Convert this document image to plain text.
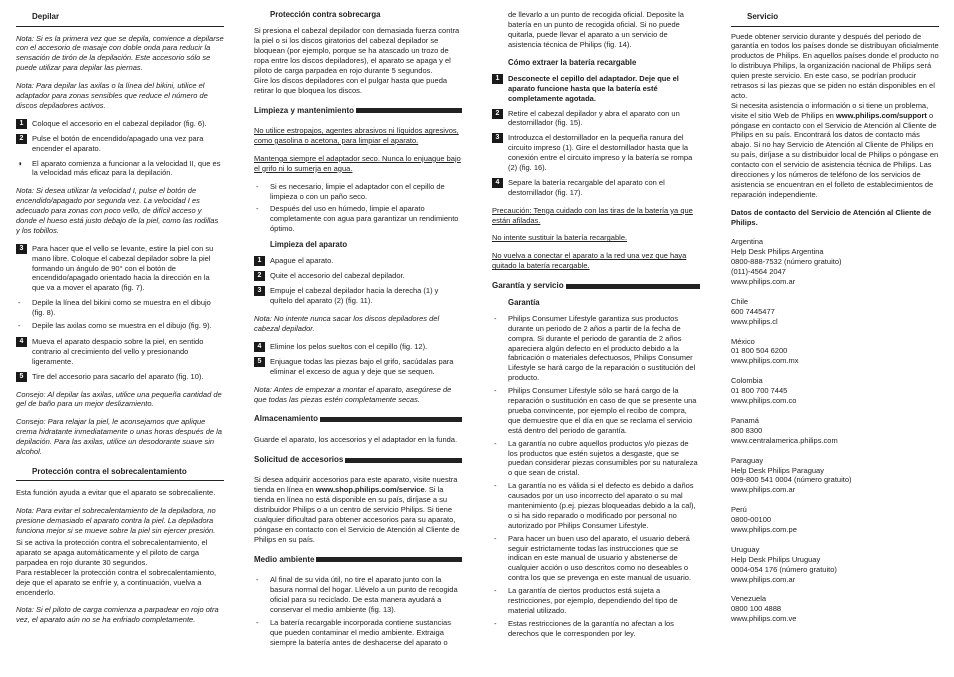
Depilar

Nota: Si es la primera vez que se depila, comience a depilarse con el accesorio de masaje con doble onda para reducir la sensación de tirón de la depilación. Este accesorio sólo se puede utilizar para depilar las piernas.

Nota: Para depilar las axilas o la línea del bikini, utilice el adaptador para zonas sensibles que reduce el número de discos depiladores activos.

1	Coloque el accesorio en el cabezal depilador (fig. 6).
2	Pulse el botón de encendido/apagado una vez para encender el aparato.
◗	El aparato comienza a funcionar a la velocidad II, que es la velocidad más eficaz para la depilación.

Nota: Si desea utilizar la velocidad I, pulse el botón de encendido/apagado por segunda vez. La velocidad I es adecuado para zonas con poco vello, de difícil acceso y donde el hueso está justo debajo de la piel, como las rodillas y los tobillos.

3	Para hacer que el vello se levante, estire la piel con su mano libre. Coloque el cabezal depilador sobre la piel formando un ángulo de 90° con el botón de encendido/apagado orientado hacia la dirección en la que va a mover el aparato (fig. 7).
-	Depile la línea del bikini como se muestra en el dibujo (fig. 8).
-	Depile las axilas como se muestra en el dibujo (fig. 9).
4	Mueva el aparato despacio sobre la piel, en sentido contrario al crecimiento del vello y presionando ligeramente.
5	Tire del accesorio para sacarlo del aparato (fig. 10).

Consejo: Al depilar las axilas, utilice una pequeña cantidad de gel de baño para un mejor deslizamiento.

Consejo: Para relajar la piel, le aconsejamos que aplique crema hidratante inmediatamente o unas horas después de la depilación. Para las axilas, utilice un desodorante suave sin alcohol.

Protección contra el sobrecalentamiento

Esta función ayuda a evitar que el aparato se sobrecaliente.

Nota: Para evitar el sobrecalentamiento de la depiladora, no presione demasiado el aparato contra la piel. La depiladora funciona mejor si se mueve sobre la piel sin ejercer presión.

Si se activa la protección contra el sobrecalentamiento, el aparato se apaga automáticamente y el piloto de carga parpadea en rojo durante 30 segundos.

Para restablecer la protección contra el sobrecalentamiento, deje que el aparato se enfríe y, a continuación, vuelva a encenderlo.

Nota: Si el piloto de carga comienza a parpadear en rojo otra vez, el aparato aún no se ha enfriado completamente.

Protección contra sobrecarga

Si presiona el cabezal depilador con demasiada fuerza contra la piel o si los discos giratorios del cabezal depilador se bloquean (por ejemplo, porque se ha atascado un trozo de ropa entre los discos depiladores), el aparato se apaga y el piloto de carga parpadea en rojo durante 5 segundos.

Gire los discos depiladores con el pulgar hasta que pueda retirar lo que bloquea los discos.

Limpieza y mantenimiento

No utilice estropajos, agentes abrasivos ni líquidos agresivos, como gasolina o acetona, para limpiar el aparato.

Mantenga siempre el adaptador seco. Nunca lo enjuague bajo el grifo ni lo sumerja en agua.

-	Si es necesario, limpie el adaptador con el cepillo de limpieza o con un paño seco.
-	Después del uso en húmedo, limpie el aparato completamente con agua para garantizar un rendimiento óptimo.
Limpieza del aparato
1	Apague el aparato.
2	Quite el accesorio del cabezal depilador.
3	Empuje el cabezal depilador hacia la derecha (1) y quítelo del aparato (2) (fig. 11).

Nota: No intente nunca sacar los discos depiladores del cabezal depilador.

4	Elimine los pelos sueltos con el cepillo (fig. 12).
5	Enjuague todas las piezas bajo el grifo, sacúdalas para eliminar el exceso de agua y deje que se sequen.

Nota: Antes de empezar a montar el aparato, asegúrese de que todas las piezas estén completamente secas.

Almacenamiento

Guarde el aparato, los accesorios y el adaptador en la funda.

Solicitud de accesorios

Si desea adquirir accesorios para este aparato, visite nuestra tienda en línea en www.shop.philips.com/service. Si la tienda en línea no está disponible en su país, diríjase a su distribuidor Philips o a un centro de servicio Philips. Si tiene cualquier dificultad para obtener accesorios para su aparato, póngase en contacto con el Servicio de Atención al Cliente de Philips en su país.

Medio ambiente
-	Al final de su vida útil, no tire el aparato junto con la basura normal del hogar. Llévelo a un punto de recogida oficial para su reciclado. De esta manera ayudará a conservar el medio ambiente (fig. 13).
-	La batería recargable incorporada contiene sustancias que pueden contaminar el medio ambiente. Extraiga siempre la batería antes de deshacerse del aparato o

de llevarlo a un punto de recogida oficial. Deposite la batería en un punto de recogida oficial. Si no puede quitarla, puede llevar el aparato a un servicio de asistencia técnica de Philips (fig. 14).

Cómo extraer la batería recargable
1	Desconecte el cepillo del adaptador. Deje que el aparato funcione hasta que la batería esté completamente agotada.
2	Retire el cabezal depilador y abra el aparato con un destornillador (fig. 15).
3	Introduzca el destornillador en la pequeña ranura del circuito impreso (1). Gire el destornillador hasta que la conexión entre el circuito impreso y la batería se rompa (2) (fig. 16).
4	Separe la batería recargable del aparato con el destornillador (fig. 17).

Precaución: Tenga cuidado con las tiras de la batería ya que están afiladas.

No intente sustituir la batería recargable.

No vuelva a conectar el aparato a la red una vez que haya quitado la batería recargable.

Garantía y servicio
Garantía
-	Philips Consumer Lifestyle garantiza sus productos durante un periodo de 2 años a partir de la fecha de compra. Si durante el periodo de garantía de 2 años apareciera algún defecto en el producto debido a la fabricación o materiales defectuosos, Philips Consumer Lifestyle se hará cargo de la reparación o sustitución del producto.
-	Philips Consumer Lifestyle sólo se hará cargo de la reparación o sustitución en caso de que se presente una prueba convincente, por ejemplo el recibo de compra, que demuestre que el día en que se reclama el servicio está dentro del periodo de garantía.
-	La garantía no cubre aquellos productos y/o piezas de los productos que estén sujetos a desgaste, que se puedan considerar piezas consumibles por su naturaleza o que sean de cristal.
-	La garantía no es válida si el defecto es debido a daños causados por un uso incorrecto del aparato o su mal mantenimiento (p.ej. piezas bloqueadas debido a la cal), o si ha sido reparado o modificado por personal no autorizado por Philips Consumer Lifestyle.
-	Para hacer un buen uso del aparato, el usuario deberá seguir estrictamente todas las instrucciones que se indican en este manual de usuario y abstenerse de cualquier acción o uso descritos como no deseables o contra los que se prevenga en este manual de usuario.
-	La garantía de ciertos productos está sujeta a restricciones, por ejemplo, dependiendo del tipo de material utilizado.
-	Estas restricciones de la garantía no afectan a los derechos que le corresponden por ley.
Servicio

Puede obtener servicio durante y después del periodo de garantía en todos los países donde se distribuyan oficialmente productos de Philips. En aquellos países donde el producto no lo distribuya Philips, la organización nacional de Philips será quien preste servicio. En este caso, se podrían producir retrasos si las piezas que se piden no están disponibles en el acto.

Si necesita asistencia o información o si tiene un problema, visite el sitio Web de Philips en www.philips.com/support o póngase en contacto con el Servicio de Atención al Cliente de Philips en su país. Encontrará los datos de contacto más abajo. Si no hay Servicio de Atención al Cliente de Philips en su país, diríjase a su distribuidor local de Philips o póngase en contacto con el servicio de asistencia técnica de Philips. Las direcciones y los números de teléfono de los servicios de asistencia se encuentran en el folleto de establecimientos de reparación independiente.

Datos de contacto del Servicio de Atención al Cliente de Philips.

Argentina
Help Desk Philips Argentina
0800-888-7532 (número gratuito)
(011)-4564 2047
www.philips.com.ar
Chile
600 7445477
www.philips.cl
México
01 800 504 6200
www.philips.com.mx
Colombia
01 800 700 7445
www.philips.com.co
Panamá
800 8300
www.centralamerica.philips.com
Paraguay
Help Desk Philips Paraguay
009-800 541 0004 (número gratuito)
www.philips.com.ar
Perú
0800-00100
www.philips.com.pe
Uruguay
Help Desk Philips Uruguay
0004-054 176 (número gratuito)
www.philips.com.ar
Venezuela
0800 100 4888
www.philips.com.ve
